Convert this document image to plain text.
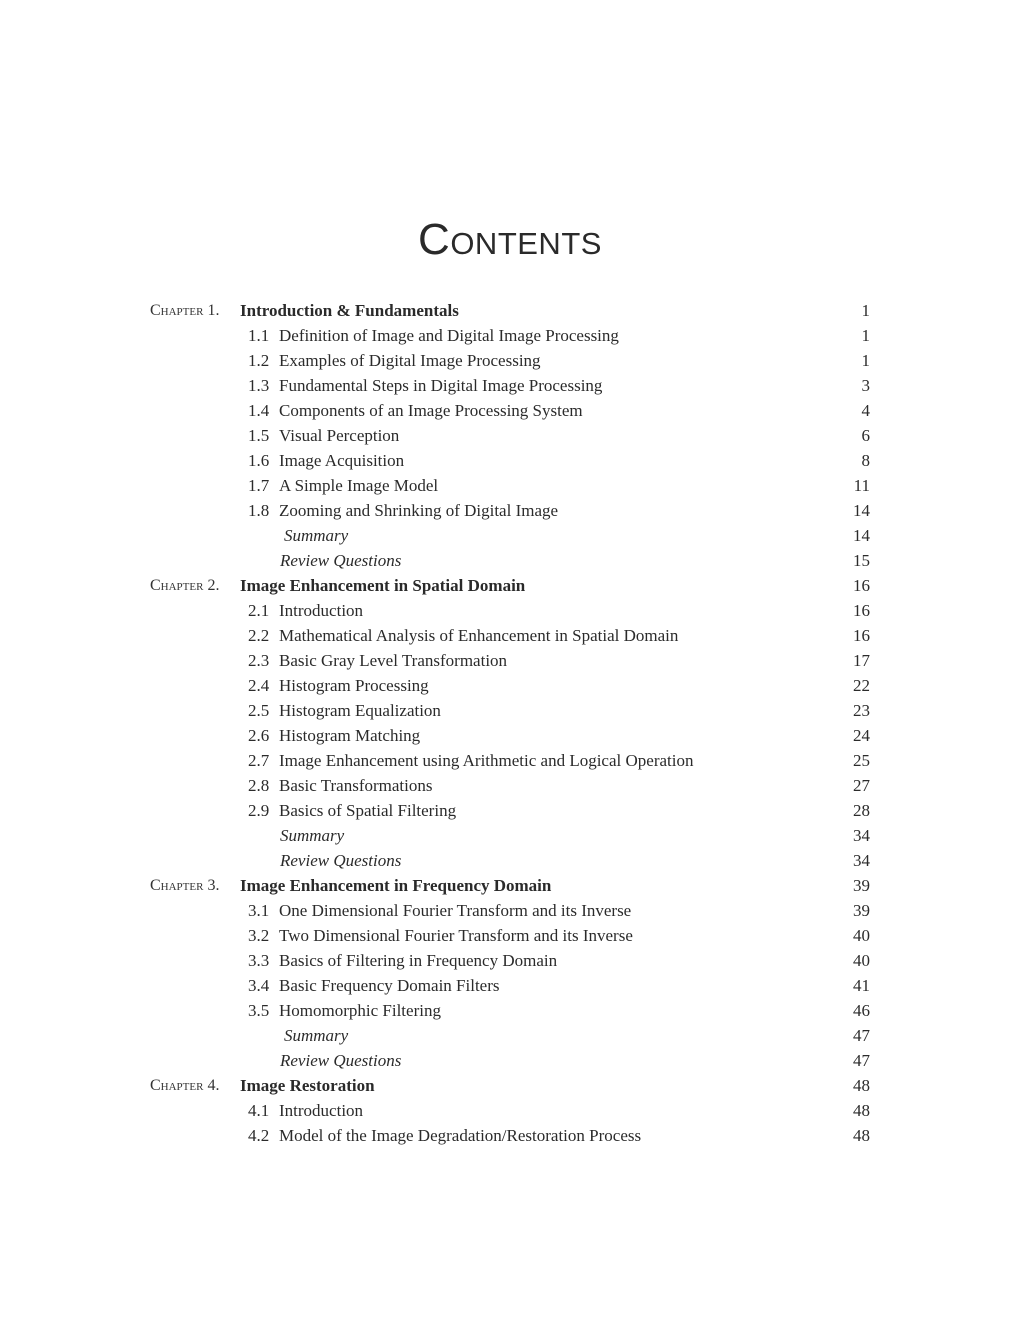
Contents
Chapter 1. Introduction & Fundamentals	1
1.1 Definition of Image and Digital Image Processing	1
1.2 Examples of Digital Image Processing	1
1.3 Fundamental Steps in Digital Image Processing	3
1.4 Components of an Image Processing System	4
1.5 Visual Perception	6
1.6 Image Acquisition	8
1.7 A Simple Image Model	11
1.8 Zooming and Shrinking of Digital Image	14
Summary	14
Review Questions	15
Chapter 2. Image Enhancement in Spatial Domain	16
2.1 Introduction	16
2.2 Mathematical Analysis of Enhancement in Spatial Domain	16
2.3 Basic Gray Level Transformation	17
2.4 Histogram Processing	22
2.5 Histogram Equalization	23
2.6 Histogram Matching	24
2.7 Image Enhancement using Arithmetic and Logical Operation	25
2.8 Basic Transformations	27
2.9 Basics of Spatial Filtering	28
Summary	34
Review Questions	34
Chapter 3. Image Enhancement in Frequency Domain	39
3.1 One Dimensional Fourier Transform and its Inverse	39
3.2 Two Dimensional Fourier Transform and its Inverse	40
3.3 Basics of Filtering in Frequency Domain	40
3.4 Basic Frequency Domain Filters	41
3.5 Homomorphic Filtering	46
Summary	47
Review Questions	47
Chapter 4. Image Restoration	48
4.1 Introduction	48
4.2 Model of the Image Degradation/Restoration Process	48
